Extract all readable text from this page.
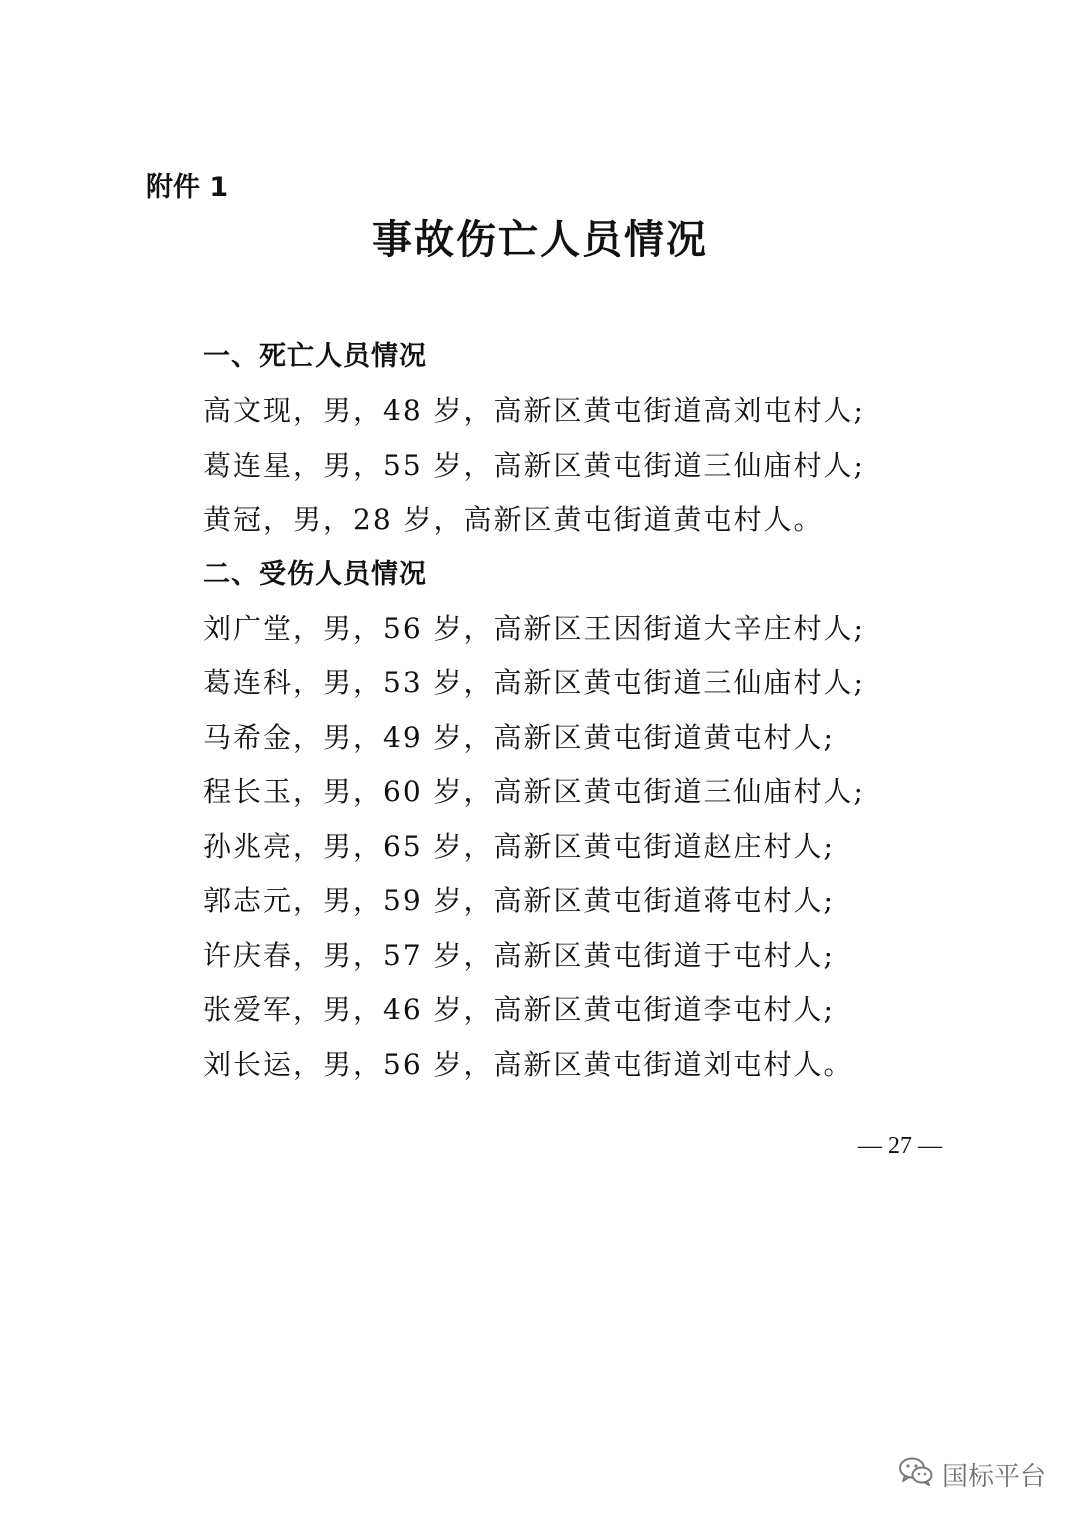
附件 1
事故伤亡人员情况
一、死亡人员情况
高文现，男，48 岁，高新区黄屯街道高刘屯村人;
葛连星，男，55 岁，高新区黄屯街道三仙庙村人;
黄冠，男，28 岁，高新区黄屯街道黄屯村人。
二、受伤人员情况
刘广堂，男，56 岁，高新区王因街道大辛庄村人;
葛连科，男，53 岁，高新区黄屯街道三仙庙村人;
马希金，男，49 岁，高新区黄屯街道黄屯村人;
程长玉，男，60 岁，高新区黄屯街道三仙庙村人;
孙兆亮，男，65 岁，高新区黄屯街道赵庄村人;
郭志元，男，59 岁，高新区黄屯街道蒋屯村人;
许庆春，男，57 岁，高新区黄屯街道于屯村人;
张爱军，男，46 岁，高新区黄屯街道李屯村人;
刘长运，男，56 岁，高新区黄屯街道刘屯村人。
— 27 —
国标平台
